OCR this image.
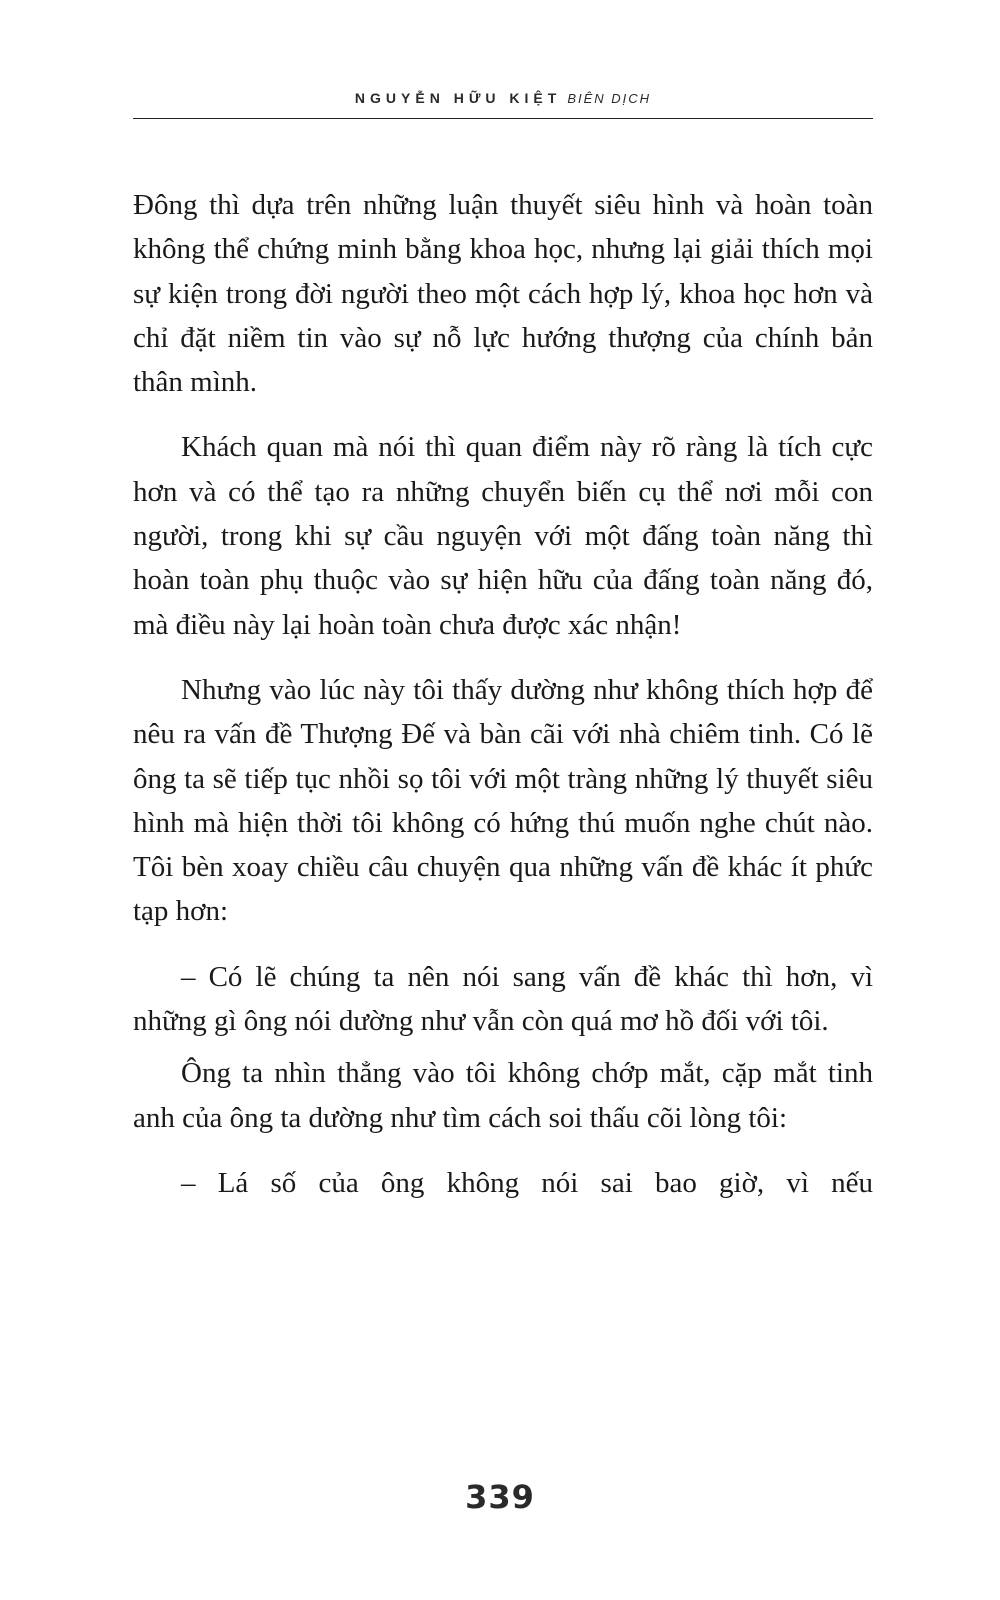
NGUYỄN HỮU KIỆT BIÊN DỊCH

Đông thì dựa trên những luận thuyết siêu hình và hoàn toàn không thể chứng minh bằng khoa học, nhưng lại giải thích mọi sự kiện trong đời người theo một cách hợp lý, khoa học hơn và chỉ đặt niềm tin vào sự nỗ lực hướng thượng của chính bản thân mình.

Khách quan mà nói thì quan điểm này rõ ràng là tích cực hơn và có thể tạo ra những chuyển biến cụ thể nơi mỗi con người, trong khi sự cầu nguyện với một đấng toàn năng thì hoàn toàn phụ thuộc vào sự hiện hữu của đấng toàn năng đó, mà điều này lại hoàn toàn chưa được xác nhận!

Nhưng vào lúc này tôi thấy dường như không thích hợp để nêu ra vấn đề Thượng Đế và bàn cãi với nhà chiêm tinh. Có lẽ ông ta sẽ tiếp tục nhồi sọ tôi với một tràng những lý thuyết siêu hình mà hiện thời tôi không có hứng thú muốn nghe chút nào. Tôi bèn xoay chiều câu chuyện qua những vấn đề khác ít phức tạp hơn:

– Có lẽ chúng ta nên nói sang vấn đề khác thì hơn, vì những gì ông nói dường như vẫn còn quá mơ hồ đối với tôi.

Ông ta nhìn thẳng vào tôi không chớp mắt, cặp mắt tinh anh của ông ta dường như tìm cách soi thấu cõi lòng tôi:

– Lá số của ông không nói sai bao giờ, vì nếu

339
